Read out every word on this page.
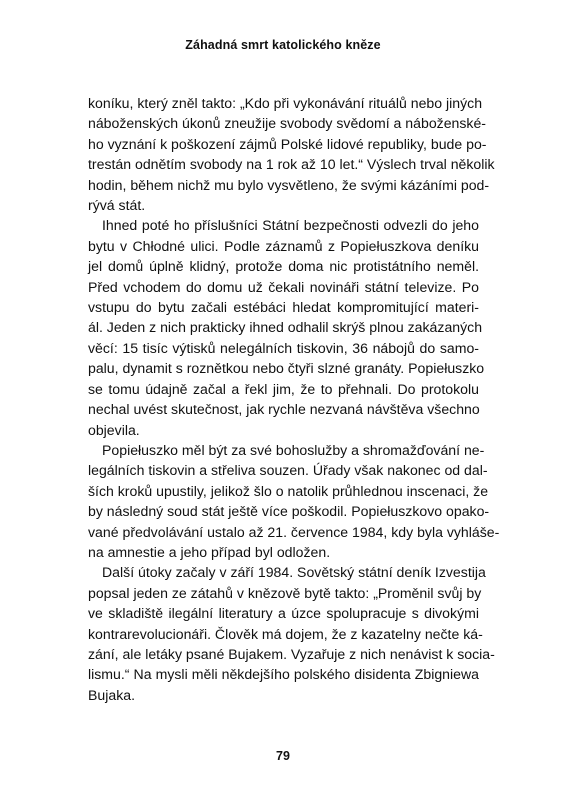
Záhadná smrt katolického kněze

koníku, který zněl takto: „Kdo při vykonávání rituálů nebo jiných
náboženských úkonů zneužije svobody svědomí a náboženské-
ho vyznání k poškození zájmů Polské lidové republiky, bude po-
trestán odnětím svobody na 1 rok až 10 let.“ Výslech trval několik
hodin, během nichž mu bylo vysvětleno, že svými kázáními pod-
rývá stát.

Ihned poté ho příslušníci Státní bezpečnosti odvezli do jeho
bytu v Chłodné ulici. Podle záznamů z Popiełuszkova deníku
jel domů úplně klidný, protože doma nic protistátního neměl.
Před vchodem do domu už čekali novináři státní televize. Po
vstupu do bytu začali estébáci hledat kompromitující materi-
ál. Jeden z nich prakticky ihned odhalil skrýš plnou zakázaných
věcí: 15 tisíc výtisků nelegálních tiskovin, 36 nábojů do samo-
palu, dynamit s roznětkou nebo čtyři slzné granáty. Popiełuszko
se tomu údajně začal a řekl jim, že to přehnali. Do protokolu
nechal uvést skutečnost, jak rychle nezvaná návštěva všechno
objevila.

Popiełuszko měl být za své bohoslužby a shromažďování ne-
legálních tiskovin a střeliva souzen. Úřady však nakonec od dal-
ších kroků upustily, jelikož šlo o natolik průhlednou inscenaci, že
by následný soud stát ještě více poškodil. Popiełuszkovo opako-
vané předvolávání ustalo až 21. července 1984, kdy byla vyhláše-
na amnestie a jeho případ byl odložen.

Další útoky začaly v září 1984. Sovětský státní deník Izvestija
popsal jeden ze zátahů v knězově bytě takto: „Proměnil svůj by
ve skladiště ilegální literatury a úzce spolupracuje s divokými
kontrarevolucionáři. Člověk má dojem, že z kazatelny nečte ká-
zání, ale letáky psané Bujakem. Vyzařuje z nich nenávist k socia-
lismu.“ Na mysli měli někdejšího polského disidenta Zbigniewa
Bujaka.

79
